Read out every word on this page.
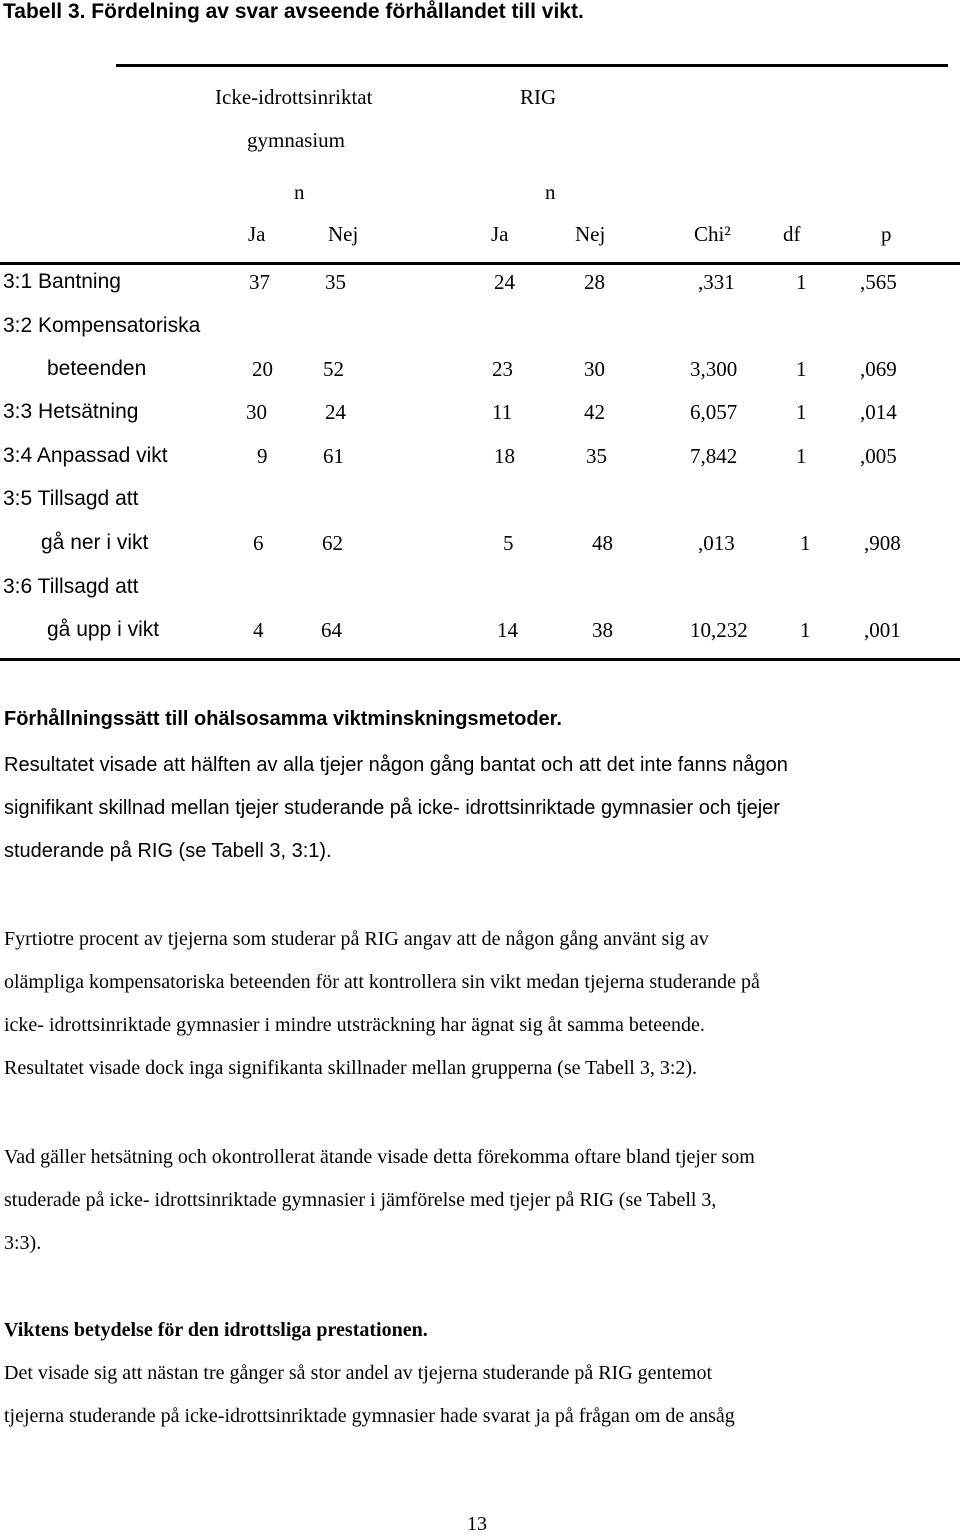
Tabell 3. Fördelning av svar avseende förhållandet till vikt.
Icke-idrottsinriktat
gymnasium
RIG
n	n
Ja	Nej	Ja	Nej	Chi² df	p
3:1 Bantning	37	35	24	28	,331	1	,565
3:2 Kompensatoriska
beteenden	20 52	23	30	3,300	1	,069
3:3 Hetsätning	30	24	11	42	6,057	1	,014
3:4 Anpassad vikt	9	61	18	35	7,842	1	,005
3:5 Tillsagd att
gå ner i vikt	6	62	5	48	,013	1	,908
3:6 Tillsagd att
gå upp i vikt	4	64	14	38	10,232 1	,001
Förhållningssätt till ohälsosamma viktminskningsmetoder.
Resultatet visade att hälften av alla tjejer någon gång bantat och att det inte fanns någon
signifikant skillnad mellan tjejer studerande på icke- idrottsinriktade gymnasier och tjejer
studerande på RIG (se Tabell 3, 3:1).
Fyrtiotre procent av tjejerna som studerar på RIG angav att de någon gång använt sig av
olämpliga kompensatoriska beteenden för att kontrollera sin vikt medan tjejerna studerande på
icke- idrottsinriktade gymnasier i mindre utsträckning har ägnat sig åt samma beteende.
Resultatet visade dock inga signifikanta skillnader mellan grupperna (se Tabell 3, 3:2).
Vad gäller hetsätning och okontrollerat ätande visade detta förekomma oftare bland tjejer som
studerade på icke- idrottsinriktade gymnasier i jämförelse med tjejer på RIG (se Tabell 3,
3:3).
Viktens betydelse för den idrottsliga prestationen.
Det visade sig att nästan tre gånger så stor andel av tjejerna studerande på RIG gentemot
tjejerna studerande på icke-idrottsinriktade gymnasier hade svarat ja på frågan om de ansåg
13
